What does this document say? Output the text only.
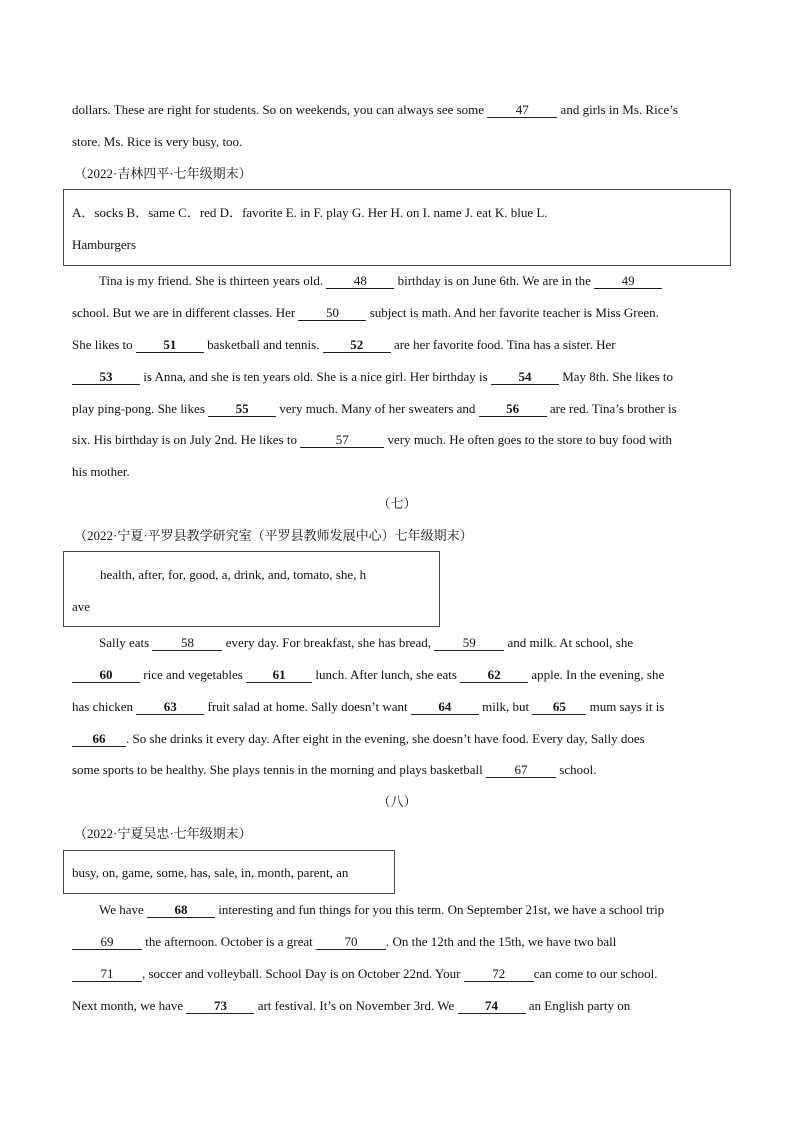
dollars. These are right for students. So on weekends, you can always see some 47 and girls in Ms. Rice’s
store. Ms. Rice is very busy, too.
（2022·吉林四平·七年级期末）
A．socks B．same C．red D．favorite E. in F. play G. Her H. on I. name J. eat K. blue L.
Hamburgers
Tina is my friend. She is thirteen years old. 48 birthday is on June 6th. We are in the 49
school. But we are in different classes. Her 50 subject is math. And her favorite teacher is Miss Green.
She likes to 51 basketball and tennis. 52 are her favorite food. Tina has a sister. Her
53 is Anna, and she is ten years old. She is a nice girl. Her birthday is 54 May 8th. She likes to
play ping-pong. She likes 55 very much. Many of her sweaters and 56 are red. Tina’s brother is
six. His birthday is on July 2nd. He likes to	57	very much. He often goes to the store to buy food with
his mother.
（七）
（2022·宁夏·平罗县教学研究室（平罗县教师发展中心）七年级期末）
health, after, for, good, a, drink, and, tomato, she, h
ave
Sally eats 58 every day. For breakfast, she has bread, 59 and milk. At school, she
60 rice and vegetables 61 lunch. After lunch, she eats 62 apple. In the evening, she
has chicken 63 fruit salad at home. Sally doesn’t want 64 milk, but 65 mum says it is
66 . So she drinks it every day. After eight in the evening, she doesn’t have food. Every day, Sally does
some sports to be healthy. She plays tennis in the morning and plays basketball 67 school.
（八）
（2022·宁夏吴忠·七年级期末）
busy, on, game, some, has, sale, in, month, parent, an
We have 68 interesting and fun things for you this term. On September 21st, we have a school trip
69 the afternoon. October is a great 70 . On the 12th and the 15th, we have two ball
71 , soccer and volleyball. School Day is on October 22nd. Your 72 can come to our school.
Next month, we have 73 art festival. It’s on November 3rd. We 74 an English party on
